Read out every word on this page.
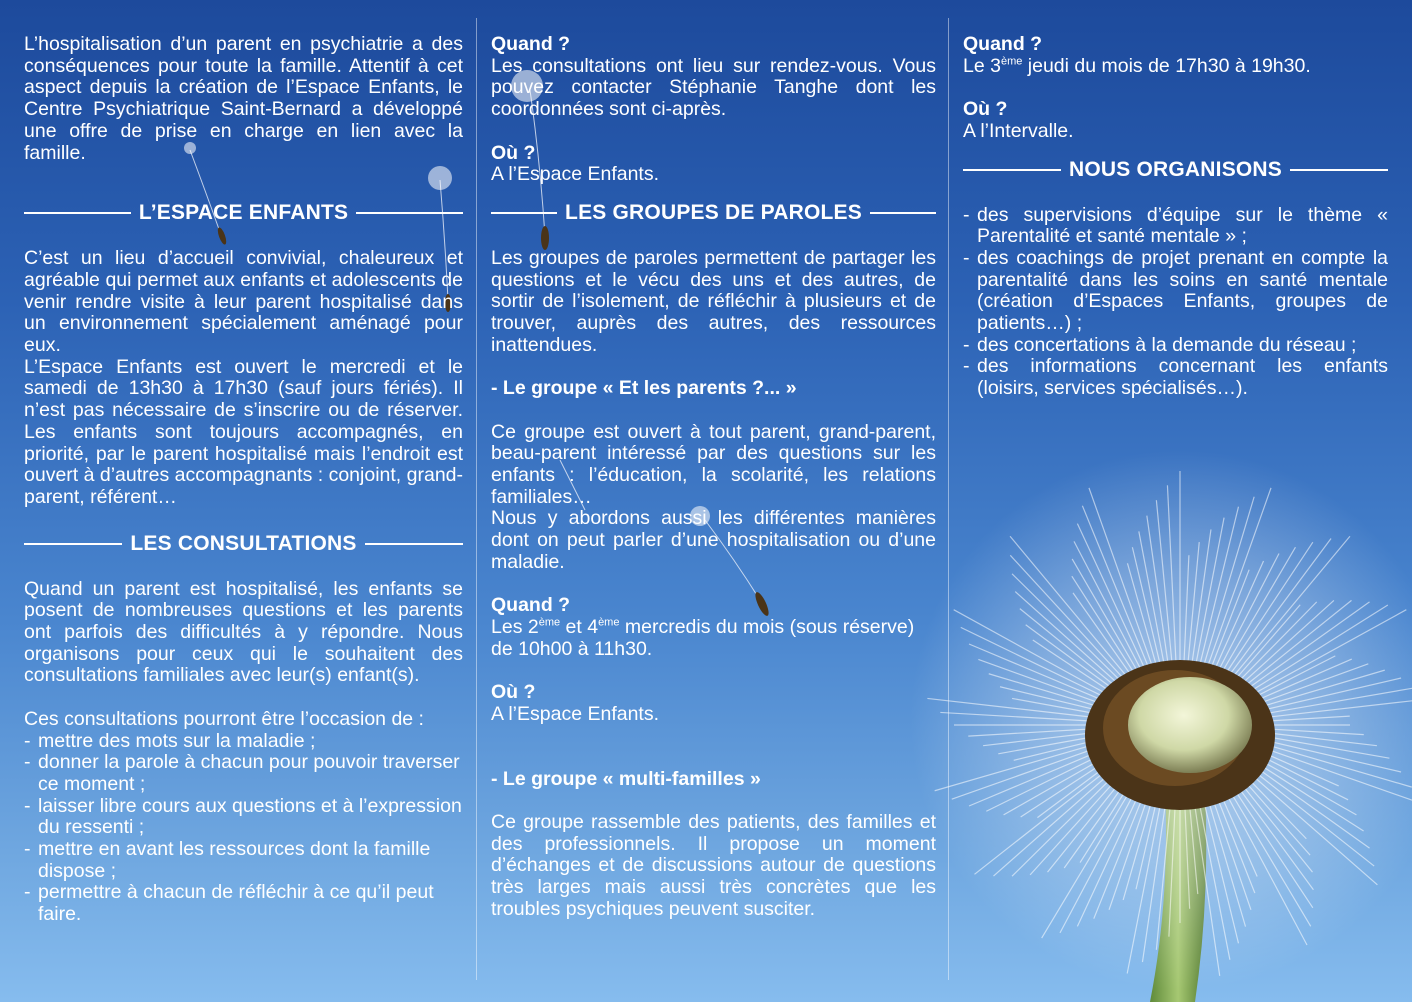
L’hospitalisation d’un parent en psychiatrie a des conséquences pour toute la famille. Attentif à cet aspect depuis la création de l’Espace Enfants, le Centre Psychiatrique Saint-Bernard a développé une offre de prise en charge en lien avec la famille.

L’ESPACE ENFANTS

C’est un lieu d’accueil convivial, chaleureux et agréable qui permet aux enfants et adolescents de venir rendre visite à leur parent hospitalisé dans un environnement spécialement aménagé pour eux.

L’Espace Enfants est ouvert le mercredi et le samedi de 13h30 à 17h30 (sauf jours fériés). Il n’est pas nécessaire de s’inscrire ou de réserver. Les enfants sont toujours accompagnés, en priorité, par le parent hospitalisé mais l’endroit est ouvert à d’autres accompagnants : conjoint, grand-parent, référent…

LES CONSULTATIONS

Quand un parent est hospitalisé, les enfants se posent de nombreuses questions et les parents ont parfois des difficultés à y répondre. Nous organisons pour ceux qui le souhaitent des consultations familiales avec leur(s) enfant(s).

Ces consultations pourront être l’occasion de :

- mettre des mots sur la maladie ;
- donner la parole à chacun pour pouvoir traverser ce moment ;
- laisser libre cours aux questions et à l’expression du ressenti ;
- mettre en avant les ressources dont la famille dispose ;
- permettre à chacun de réfléchir à ce qu’il peut faire.

Quand ?

Les consultations ont lieu sur rendez-vous. Vous pouvez contacter Stéphanie Tanghe dont les coordonnées sont ci-après.

Où ?

A l’Espace Enfants.

LES GROUPES DE PAROLES

Les groupes de paroles permettent de partager les questions et le vécu des uns et des autres, de sortir de l’isolement, de réfléchir à plusieurs et de trouver, auprès des autres, des ressources inattendues.

- Le groupe « Et les parents ?... »

Ce groupe est ouvert à tout parent, grand-parent, beau-parent intéressé par des questions sur les enfants : l’éducation, la scolarité, les relations familiales…

Nous y abordons aussi les différentes manières dont on peut parler d’une hospitalisation ou d’une maladie.

Quand ?

Les 2ème et 4ème mercredis du mois (sous réserve) de 10h00 à 11h30.

Où ?

A l’Espace Enfants.

- Le groupe « multi-familles »

Ce groupe rassemble des patients, des familles et des professionnels. Il propose un moment d’échanges et de discussions autour de questions très larges mais aussi très concrètes que les troubles psychiques peuvent susciter.

Quand ?

Le 3ème jeudi du mois de 17h30 à 19h30.

Où ?

A l’Intervalle.

NOUS ORGANISONS
- des supervisions d’équipe sur le thème « Parentalité et santé mentale » ;
- des coachings de projet prenant en compte la parentalité dans les soins en santé mentale (création d’Espaces Enfants, groupes de patients…) ;
- des concertations à la demande du réseau ;
- des informations concernant les enfants (loisirs, services spécialisés…).
